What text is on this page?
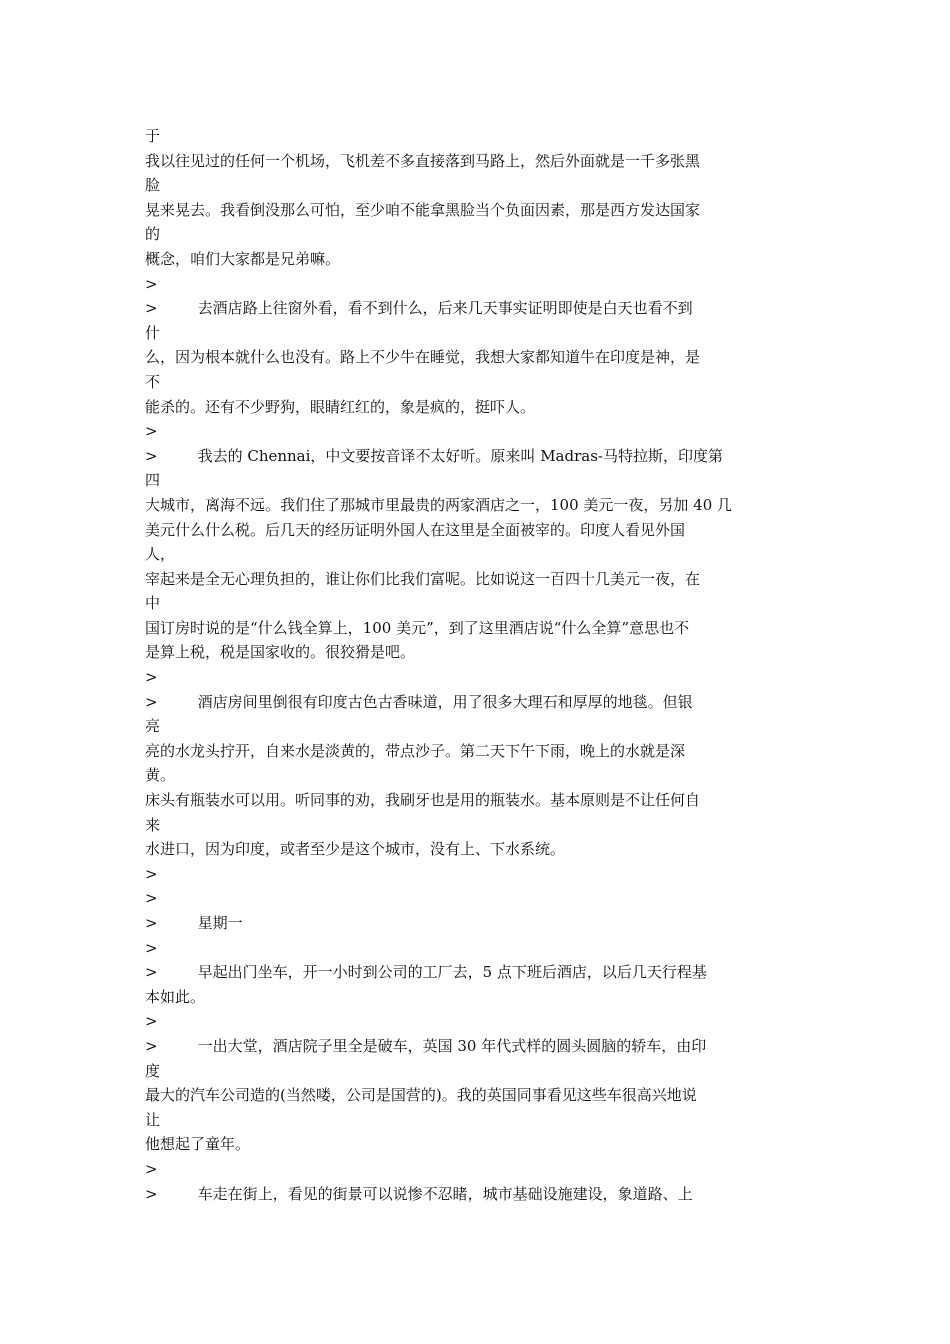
于
我以往见过的任何一个机场，飞机差不多直接落到马路上，然后外面就是一千多张黑
脸
晃来晃去。我看倒没那么可怕，至少咱不能拿黑脸当个负面因素，那是西方发达国家
的
概念，咱们大家都是兄弟嘛。
>
>	去酒店路上往窗外看，看不到什么，后来几天事实证明即使是白天也看不到
什
么，因为根本就什么也没有。路上不少牛在睡觉，我想大家都知道牛在印度是神，是
不
能杀的。还有不少野狗，眼睛红红的，象是疯的，挺吓人。
>
>	我去的 Chennai，中文要按音译不太好听。原来叫 Madras-马特拉斯，印度第
四
大城市，离海不远。我们住了那城市里最贵的两家酒店之一，100 美元一夜，另加 40 几
美元什么什么税。后几天的经历证明外国人在这里是全面被宰的。印度人看见外国
人，
宰起来是全无心理负担的，谁让你们比我们富呢。比如说这一百四十几美元一夜，在
中
国订房时说的是“什么钱全算上，100 美元”，到了这里酒店说“什么全算”意思也不
是算上税，税是国家收的。很狡猾是吧。
>
>	酒店房间里倒很有印度古色古香味道，用了很多大理石和厚厚的地毯。但银
亮
亮的水龙头拧开，自来水是淡黄的，带点沙子。第二天下午下雨，晚上的水就是深
黄。
床头有瓶装水可以用。听同事的劝，我刷牙也是用的瓶装水。基本原则是不让任何自
来
水进口，因为印度，或者至少是这个城市，没有上、下水系统。
>
>
>	星期一
>
>	早起出门坐车，开一小时到公司的工厂去，5 点下班后酒店，以后几天行程基
本如此。
>
>	一出大堂，酒店院子里全是破车，英国 30 年代式样的圆头圆脑的轿车，由印
度
最大的汽车公司造的(当然喽，公司是国营的)。我的英国同事看见这些车很高兴地说
让
他想起了童年。
>
>	车走在街上，看见的街景可以说惨不忍睹，城市基础设施建设，象道路、上
